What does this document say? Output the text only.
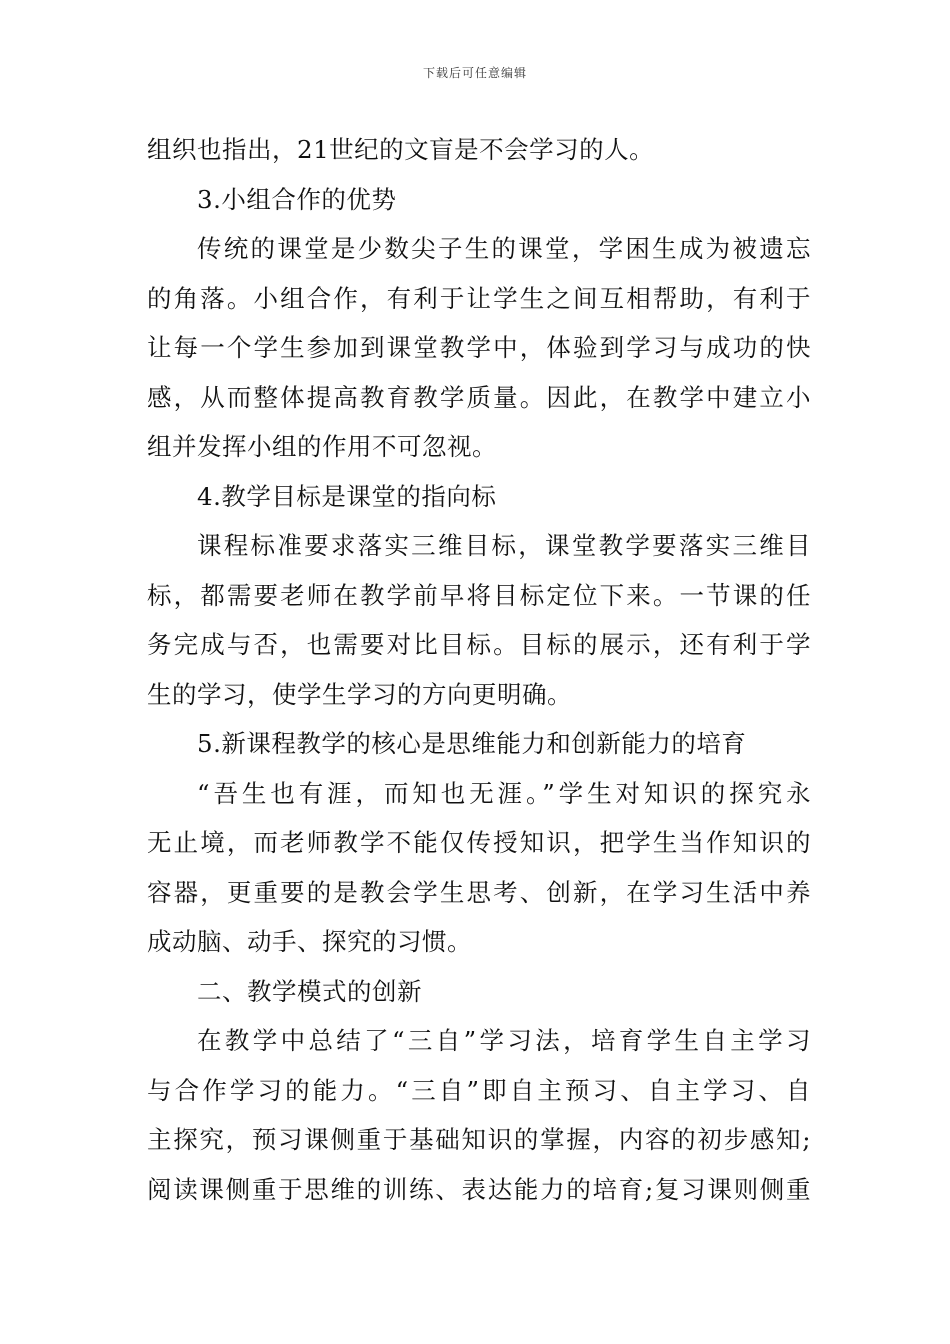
下载后可任意编辑
组织也指出，21世纪的文盲是不会学习的人。
3.小组合作的优势
传统的课堂是少数尖子生的课堂，学困生成为被遗忘
的角落。小组合作，有利于让学生之间互相帮助，有利于
让每一个学生参加到课堂教学中，体验到学习与成功的快
感，从而整体提高教育教学质量。因此，在教学中建立小
组并发挥小组的作用不可忽视。
4.教学目标是课堂的指向标
课程标准要求落实三维目标，课堂教学要落实三维目
标，都需要老师在教学前早将目标定位下来。一节课的任
务完成与否，也需要对比目标。目标的展示，还有利于学
生的学习，使学生学习的方向更明确。
5.新课程教学的核心是思维能力和创新能力的培育
“吾生也有涯，而知也无涯。”学生对知识的探究永
无止境，而老师教学不能仅传授知识，把学生当作知识的
容器，更重要的是教会学生思考、创新，在学习生活中养
成动脑、动手、探究的习惯。
二、教学模式的创新
在教学中总结了“三自”学习法，培育学生自主学习
与合作学习的能力。“三自”即自主预习、自主学习、自
主探究，预习课侧重于基础知识的掌握，内容的初步感知;
阅读课侧重于思维的训练、表达能力的培育;复习课则侧重
